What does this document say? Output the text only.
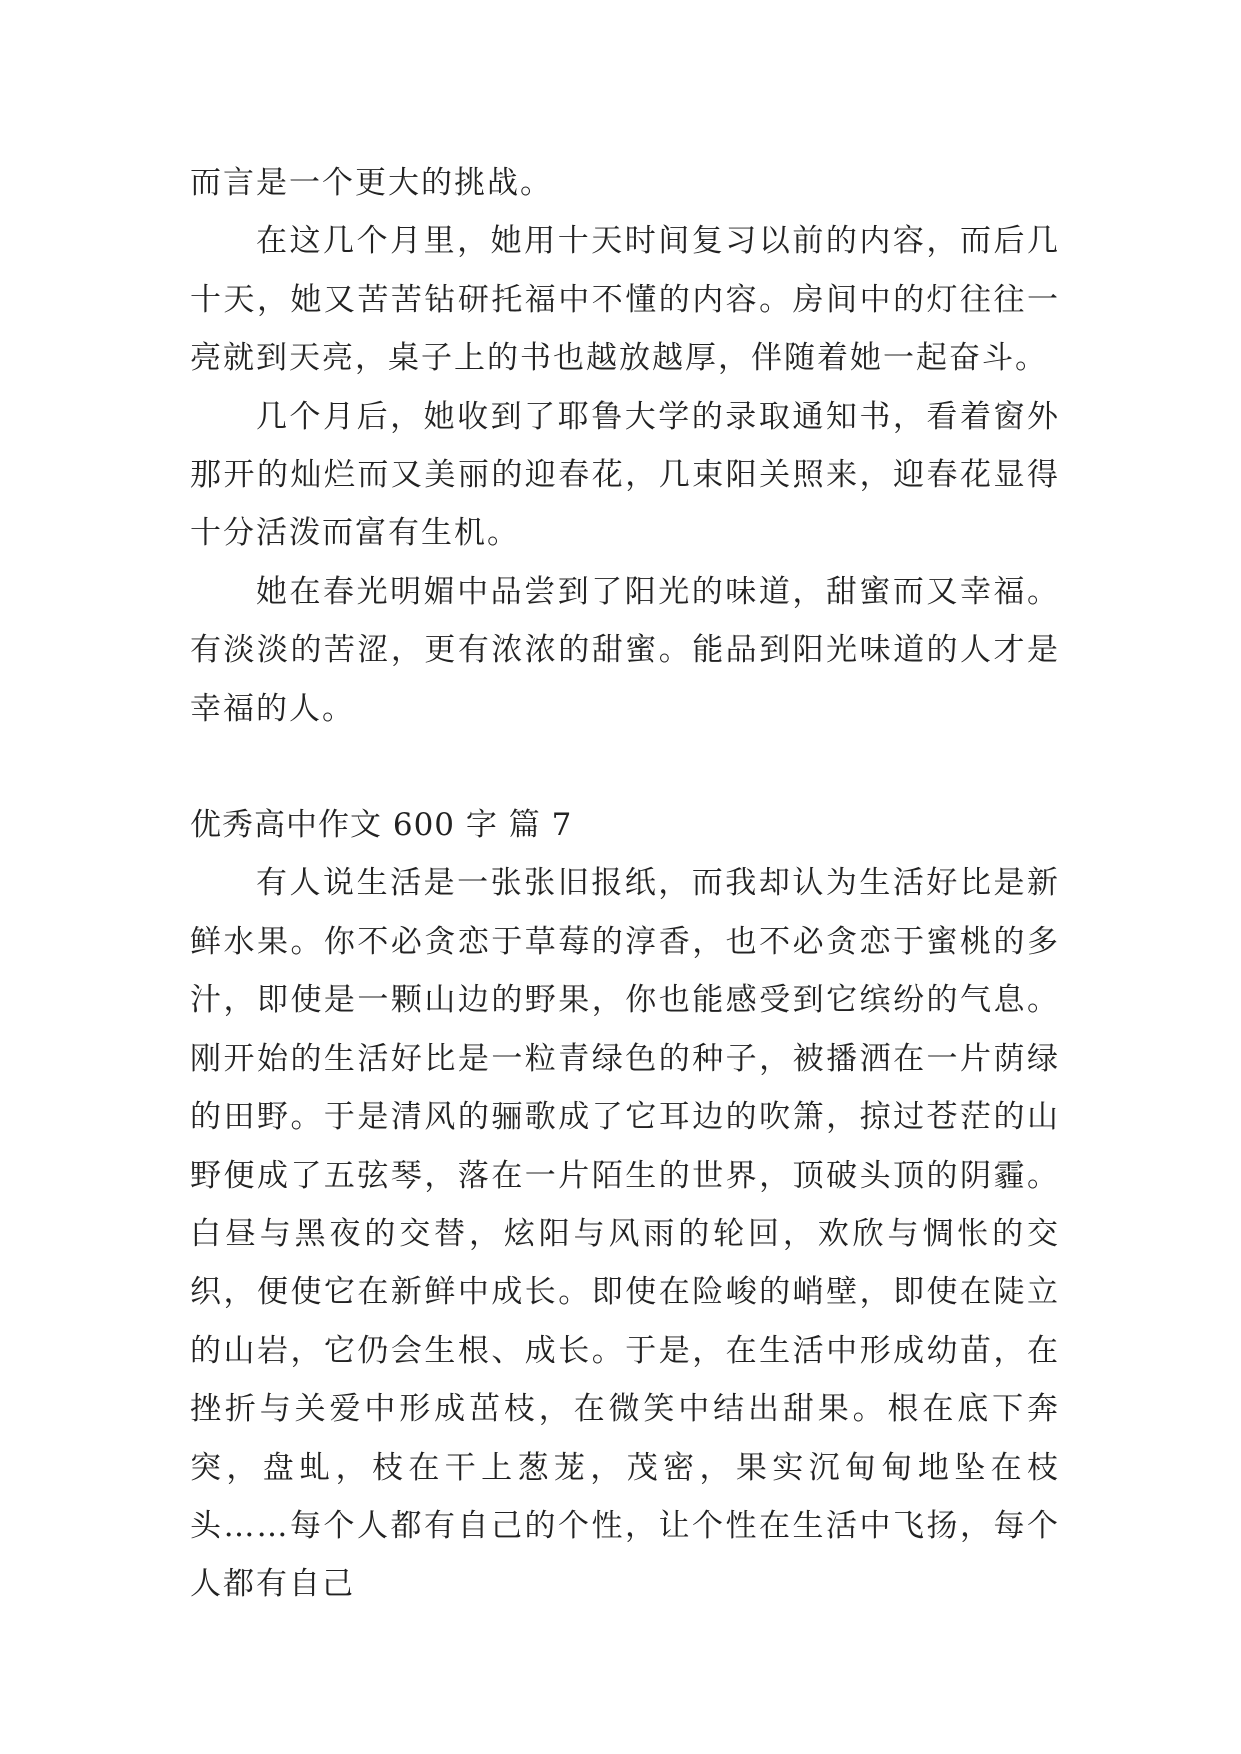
而言是一个更大的挑战。

在这几个月里，她用十天时间复习以前的内容，而后几十天，她又苦苦钻研托福中不懂的内容。房间中的灯往往一亮就到天亮，桌子上的书也越放越厚，伴随着她一起奋斗。

几个月后，她收到了耶鲁大学的录取通知书，看着窗外那开的灿烂而又美丽的迎春花，几束阳关照来，迎春花显得十分活泼而富有生机。

她在春光明媚中品尝到了阳光的味道，甜蜜而又幸福。有淡淡的苦涩，更有浓浓的甜蜜。能品到阳光味道的人才是幸福的人。

优秀高中作文 600 字 篇 7

有人说生活是一张张旧报纸，而我却认为生活好比是新鲜水果。你不必贪恋于草莓的淳香，也不必贪恋于蜜桃的多汁，即使是一颗山边的野果，你也能感受到它缤纷的气息。刚开始的生活好比是一粒青绿色的种子，被播洒在一片荫绿的田野。于是清风的骊歌成了它耳边的吹箫，掠过苍茫的山野便成了五弦琴，落在一片陌生的世界，顶破头顶的阴霾。白昼与黑夜的交替，炫阳与风雨的轮回，欢欣与惆怅的交织，便使它在新鲜中成长。即使在险峻的峭壁，即使在陡立的山岩，它仍会生根、成长。于是，在生活中形成幼苗，在挫折与关爱中形成茁枝，在微笑中结出甜果。根在底下奔突，盘虬，枝在干上葱茏，茂密，果实沉甸甸地坠在枝头……每个人都有自己的个性，让个性在生活中飞扬，每个人都有自己
